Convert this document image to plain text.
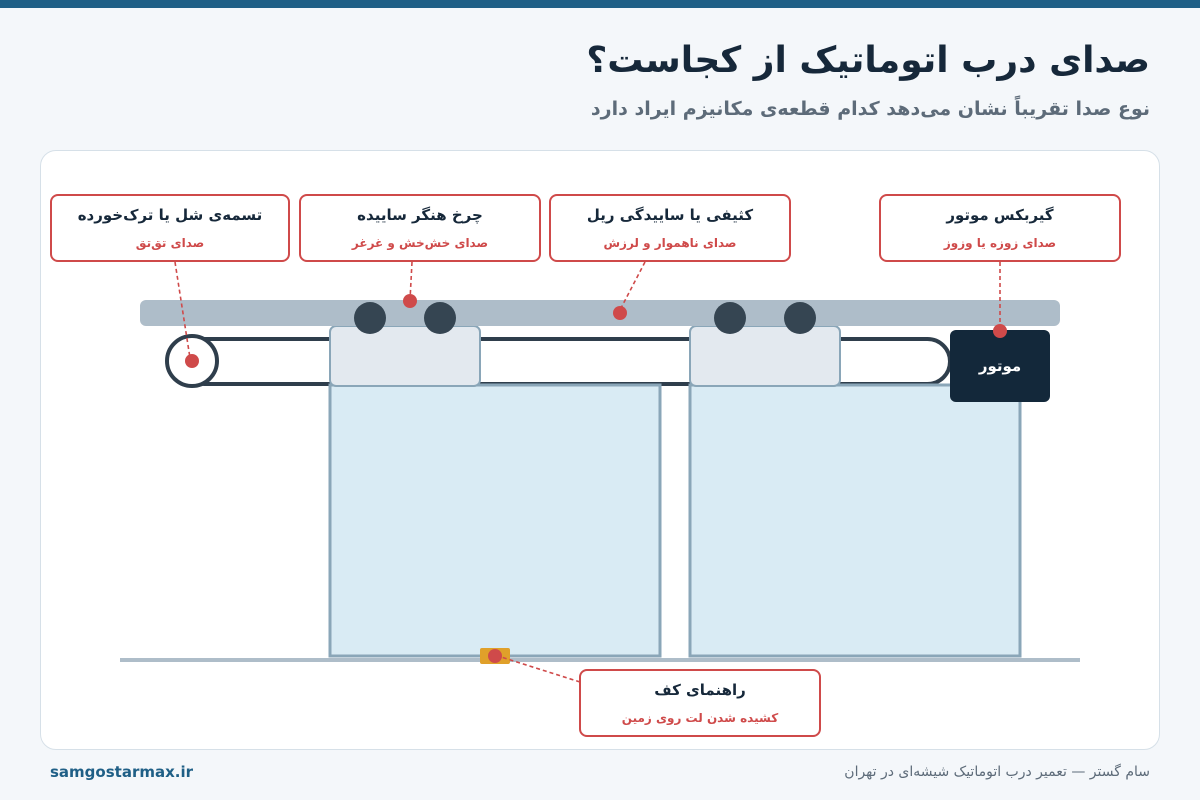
صدای درب اتوماتیک از کجاست؟

نوع صدا تقریباً نشان می‌دهد کدام قطعه‌ی مکانیزم ایراد دارد

موتور
تسمه‌ی شل یا ترک‌خورده
صدای تق‌تق
چرخ هنگر ساییده
صدای خش‌خش و غرغر
کثیفی یا ساییدگی ریل
صدای ناهموار و لرزش
گیربکس موتور
صدای زوزه یا وزوز
راهنمای کف
کشیده شدن لت روی زمین
samgostarmax.ir	سام گستر — تعمیر درب اتوماتیک شیشه‌ای در تهران
